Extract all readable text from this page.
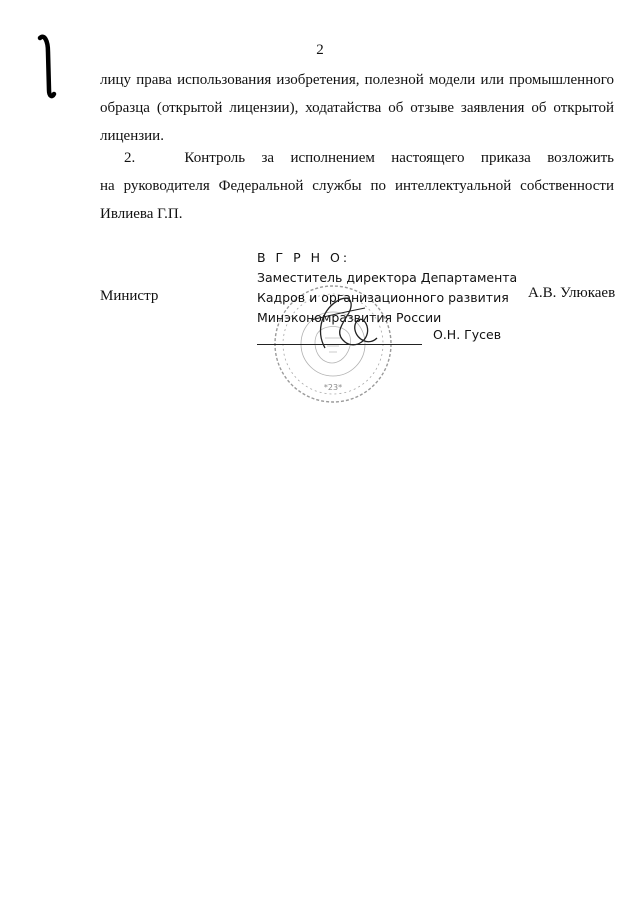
2
лицу права использования изобретения, полезной модели или промышленного
образца (открытой лицензии), ходатайства об отзыве заявления об открытой
лицензии.
2.   Контроль за исполнением настоящего приказа возложить
на руководителя Федеральной службы по интеллектуальной собственности
Ивлиева Г.П.
*23*
Министр	А.В. Улюкаев
В Г Р Н О:
Заместитель директора Департамента
Кадров и организационного развития
Минэкономразвития России
О.Н. Гусев
